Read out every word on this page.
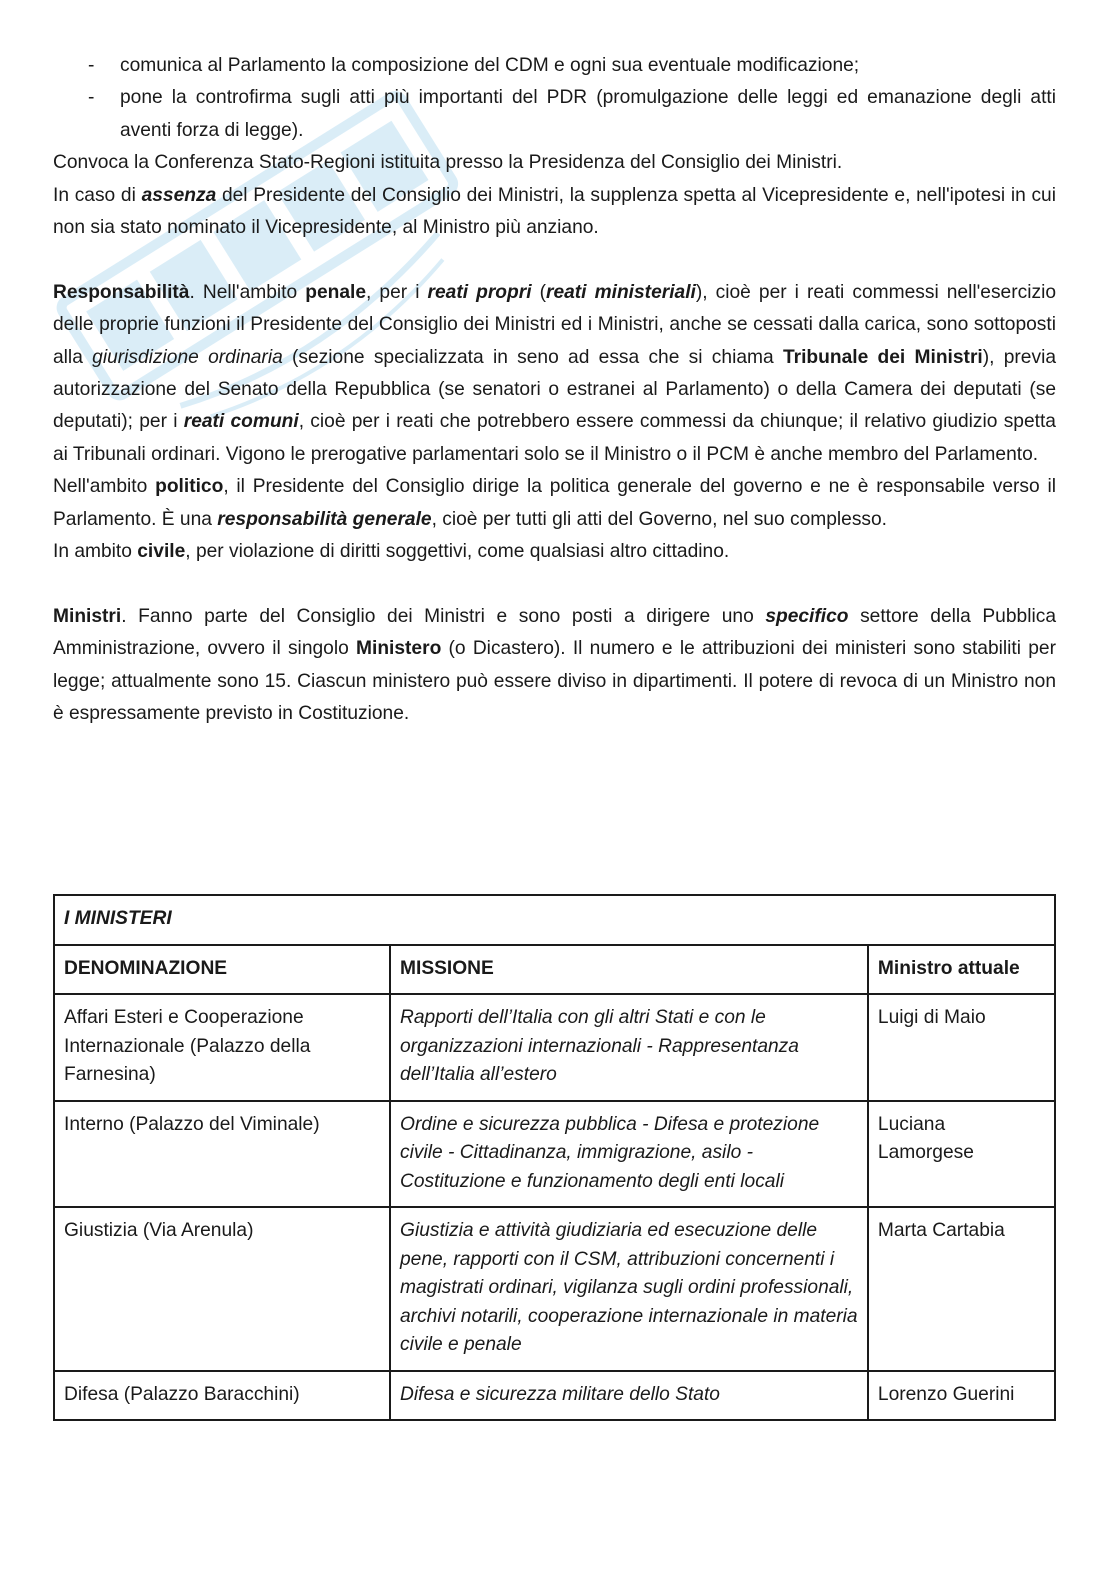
- comunica al Parlamento la composizione del CDM e ogni sua eventuale modificazione;
- pone la controfirma sugli atti più importanti del PDR (promulgazione delle leggi ed emanazione degli atti aventi forza di legge).

Convoca la Conferenza Stato-Regioni istituita presso la Presidenza del Consiglio dei Ministri.

In caso di assenza del Presidente del Consiglio dei Ministri, la supplenza spetta al Vicepresidente e, nell'ipotesi in cui non sia stato nominato il Vicepresidente, al Ministro più anziano.

Responsabilità. Nell'ambito penale, per i reati propri (reati ministeriali), cioè per i reati commessi nell'esercizio delle proprie funzioni il Presidente del Consiglio dei Ministri ed i Ministri, anche se cessati dalla carica, sono sottoposti alla giurisdizione ordinaria (sezione specializzata in seno ad essa che si chiama Tribunale dei Ministri), previa autorizzazione del Senato della Repubblica (se senatori o estranei al Parlamento) o della Camera dei deputati (se deputati); per i reati comuni, cioè per i reati che potrebbero essere commessi da chiunque; il relativo giudizio spetta ai Tribunali ordinari. Vigono le prerogative parlamentari solo se il Ministro o il PCM è anche membro del Parlamento.

Nell'ambito politico, il Presidente del Consiglio dirige la politica generale del governo e ne è responsabile verso il Parlamento. È una responsabilità generale, cioè per tutti gli atti del Governo, nel suo complesso.

In ambito civile, per violazione di diritti soggettivi, come qualsiasi altro cittadino.

Ministri. Fanno parte del Consiglio dei Ministri e sono posti a dirigere uno specifico settore della Pubblica Amministrazione, ovvero il singolo Ministero (o Dicastero). Il numero e le attribuzioni dei ministeri sono stabiliti per legge; attualmente sono 15. Ciascun ministero può essere diviso in dipartimenti. Il potere di revoca di un Ministro non è espressamente previsto in Costituzione.

I MINISTERI		
DENOMINAZIONE	MISSIONE	Ministro attuale
Affari Esteri e Cooperazione Internazionale (Palazzo della Farnesina)	Rapporti dell’Italia con gli altri Stati e con le organizzazioni internazionali - Rappresentanza dell’Italia all’estero	Luigi di Maio
Interno (Palazzo del Viminale)	Ordine e sicurezza pubblica - Difesa e protezione civile - Cittadinanza, immigrazione, asilo - Costituzione e funzionamento degli enti locali	Luciana Lamorgese
Giustizia (Via Arenula)	Giustizia e attività giudiziaria ed esecuzione delle pene, rapporti con il CSM, attribuzioni concernenti i magistrati ordinari, vigilanza sugli ordini professionali, archivi notarili, cooperazione internazionale in materia civile e penale	Marta Cartabia
Difesa (Palazzo Baracchini)	Difesa e sicurezza militare dello Stato	Lorenzo Guerini
